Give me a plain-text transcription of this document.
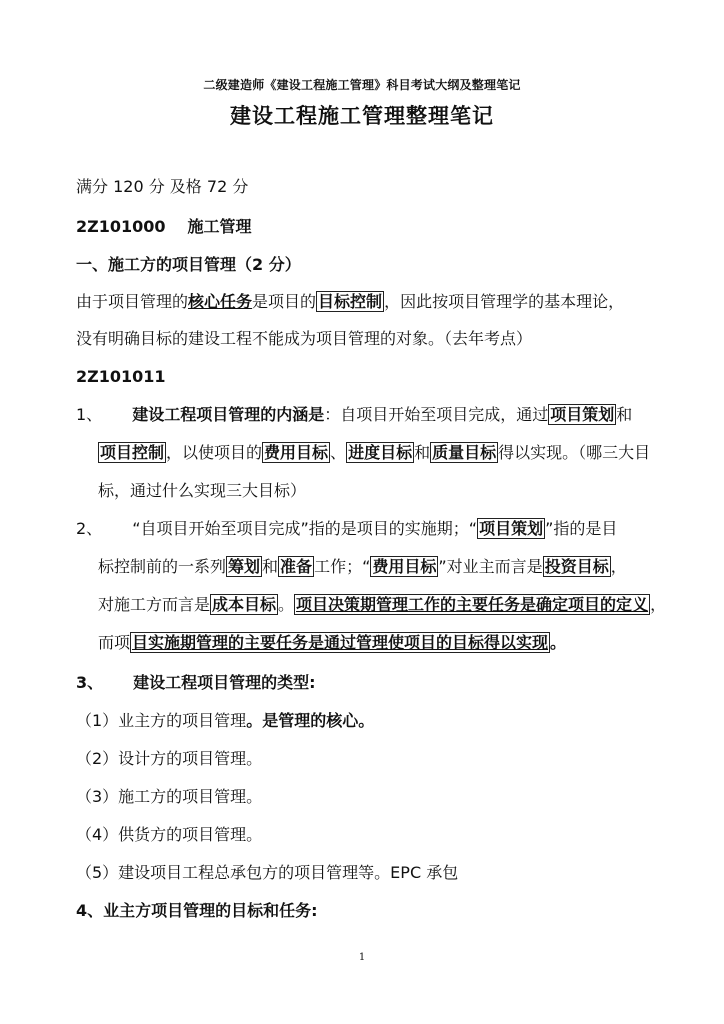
二级建造师《建设工程施工管理》科目考试大纲及整理笔记
建设工程施工管理整理笔记
满分 120 分 及格 72 分
2Z101000 施工管理
一、施工方的项目管理（2 分）
由于项目管理的核心任务是项目的 目标控制 ，因此按项目管理学的基本理论，
没有明确目标的建设工程不能成为项目管理的对象。（去年考点）
2Z101011
1、 建设工程项目管理的内涵是：自项目开始至项目完成，通过 项目策划 和
项目控制 ，以使项目的 费用目标 、 进度目标 和 质量目标 得以实现。（哪三大目
标，通过什么实现三大目标）
2、 “自项目开始至项目完成”指的是项目的实施期；“ 项目策划 ”指的是目
标控制前的一系列 筹划 和 准备 工作；“ 费用目标 ”对业主而言是 投资目标 ，
对施工方而言是 成本目标 。 项目决策期管理工作的主要任务是确定项目的定义 ，
而项 目实施期管理的主要任务是通过管理使项目的目标得以实现 。
3、 建设工程项目管理的类型:
（1）业主方的项目管理。是管理的核心。
（2）设计方的项目管理。
（3）施工方的项目管理。
（4）供货方的项目管理。
（5）建设项目工程总承包方的项目管理等。EPC 承包
4、业主方项目管理的目标和任务:
1
